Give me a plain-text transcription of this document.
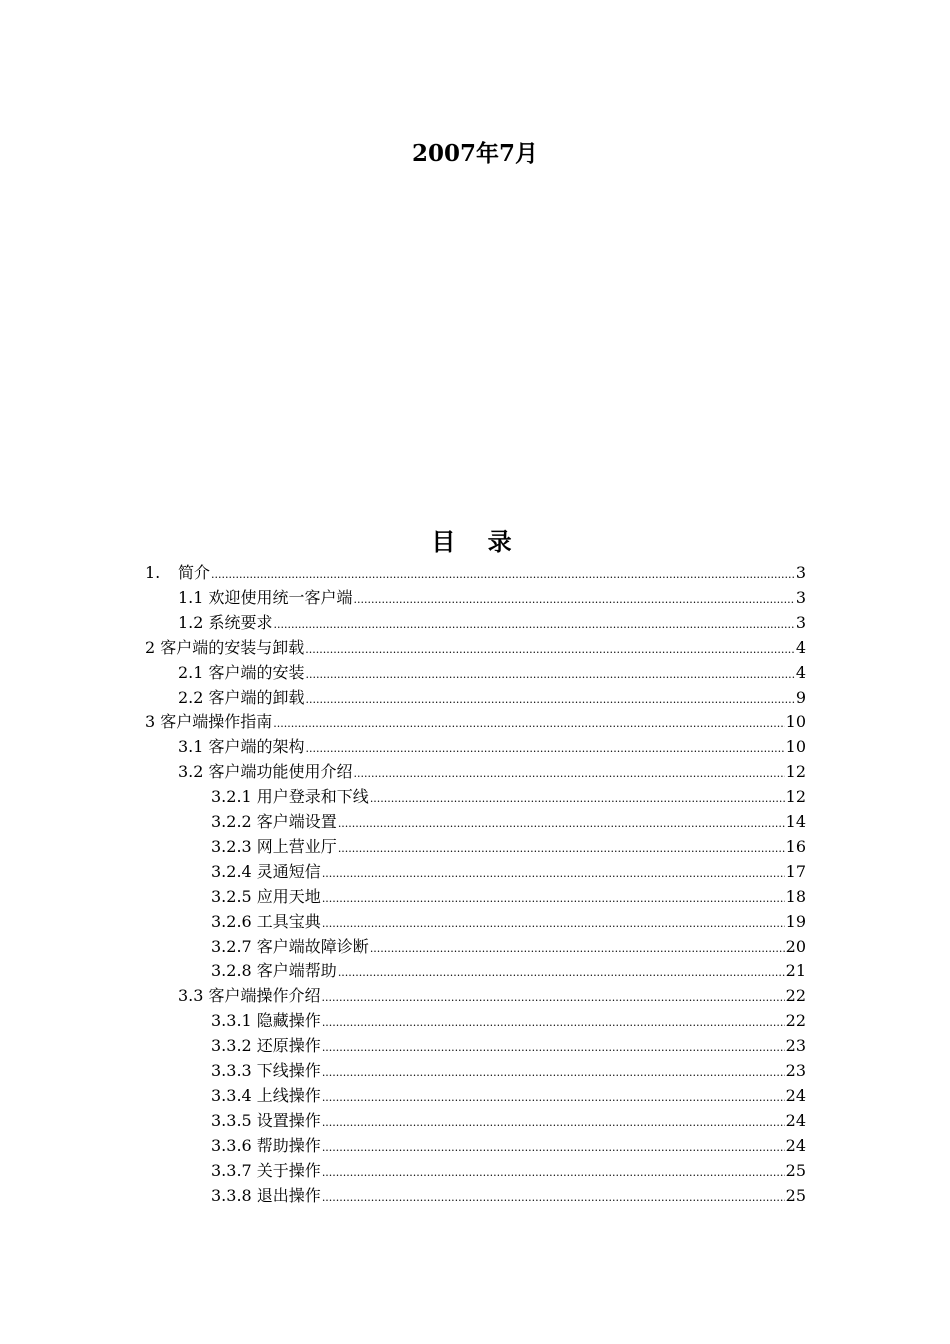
2007年7月
目 录
1. 简介 .....	3
1.1 欢迎使用统一客户端 .....	3
1.2 系统要求 .....	3
2 客户端的安装与卸载 .....	4
2.1 客户端的安装 .....	4
2.2 客户端的卸载 .....	9
3 客户端操作指南 .....	10
3.1 客户端的架构 .....	10
3.2 客户端功能使用介绍 .....	12
3.2.1 用户登录和下线 .....	12
3.2.2 客户端设置 .....	14
3.2.3 网上营业厅 .....	16
3.2.4 灵通短信 .....	17
3.2.5 应用天地 .....	18
3.2.6 工具宝典 .....	19
3.2.7 客户端故障诊断 .....	20
3.2.8 客户端帮助 .....	21
3.3 客户端操作介绍 .....	22
3.3.1 隐藏操作 .....	22
3.3.2 还原操作 .....	23
3.3.3 下线操作 .....	23
3.3.4 上线操作 .....	24
3.3.5 设置操作 .....	24
3.3.6 帮助操作 .....	24
3.3.7 关于操作 .....	25
3.3.8 退出操作 .....	25
